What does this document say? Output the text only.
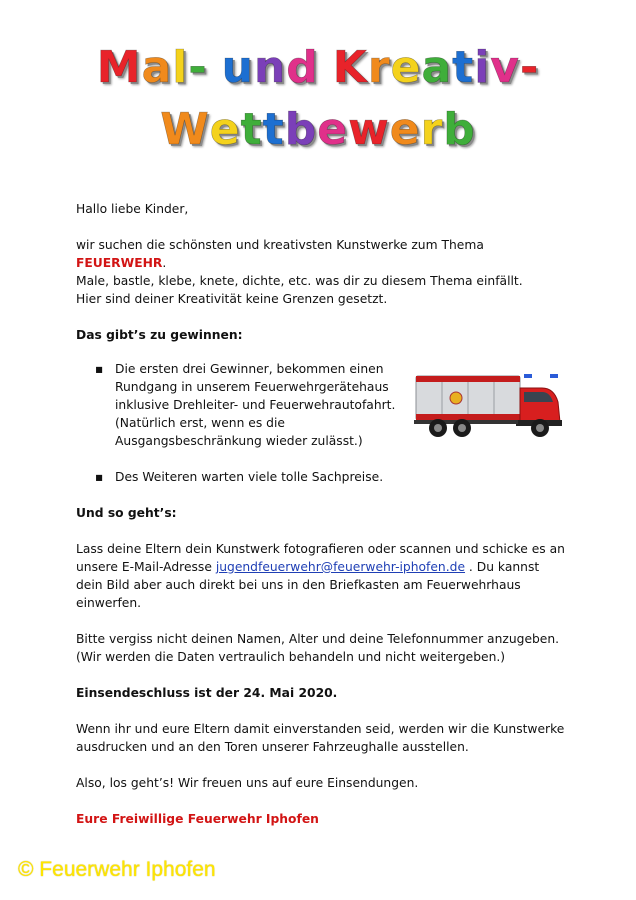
Mal- und Kreativ-
Wettbewerb

Hallo liebe Kinder,

wir suchen die schönsten und kreativsten Kunstwerke zum Thema FEUERWEHR.

Male, bastle, klebe, knete, dichte, etc. was dir zu diesem Thema einfällt.
Hier sind deiner Kreativität keine Grenzen gesetzt.

Das gibt’s zu gewinnen:

▪ Die ersten drei Gewinner, bekommen einen
Rundgang in unserem Feuerwehrgerätehaus
inklusive Drehleiter- und Feuerwehrautofahrt.
(Natürlich erst, wenn es die
Ausgangsbeschränkung wieder zulässt.)
▪ Des Weiteren warten viele tolle Sachpreise.

Und so geht’s:

Lass deine Eltern dein Kunstwerk fotografieren oder scannen und schicke es an
unsere E-Mail-Adresse jugendfeuerwehr@feuerwehr-iphofen.de . Du kannst
dein Bild aber auch direkt bei uns in den Briefkasten am Feuerwehrhaus
einwerfen.

Bitte vergiss nicht deinen Namen, Alter und deine Telefonnummer anzugeben.
(Wir werden die Daten vertraulich behandeln und nicht weitergeben.)

Einsendeschluss ist der 24. Mai 2020.

Wenn ihr und eure Eltern damit einverstanden seid, werden wir die Kunstwerke
ausdrucken und an den Toren unserer Fahrzeughalle ausstellen.

Also, los geht’s! Wir freuen uns auf eure Einsendungen.

Eure Freiwillige Feuerwehr Iphofen

© Feuerwehr Iphofen
